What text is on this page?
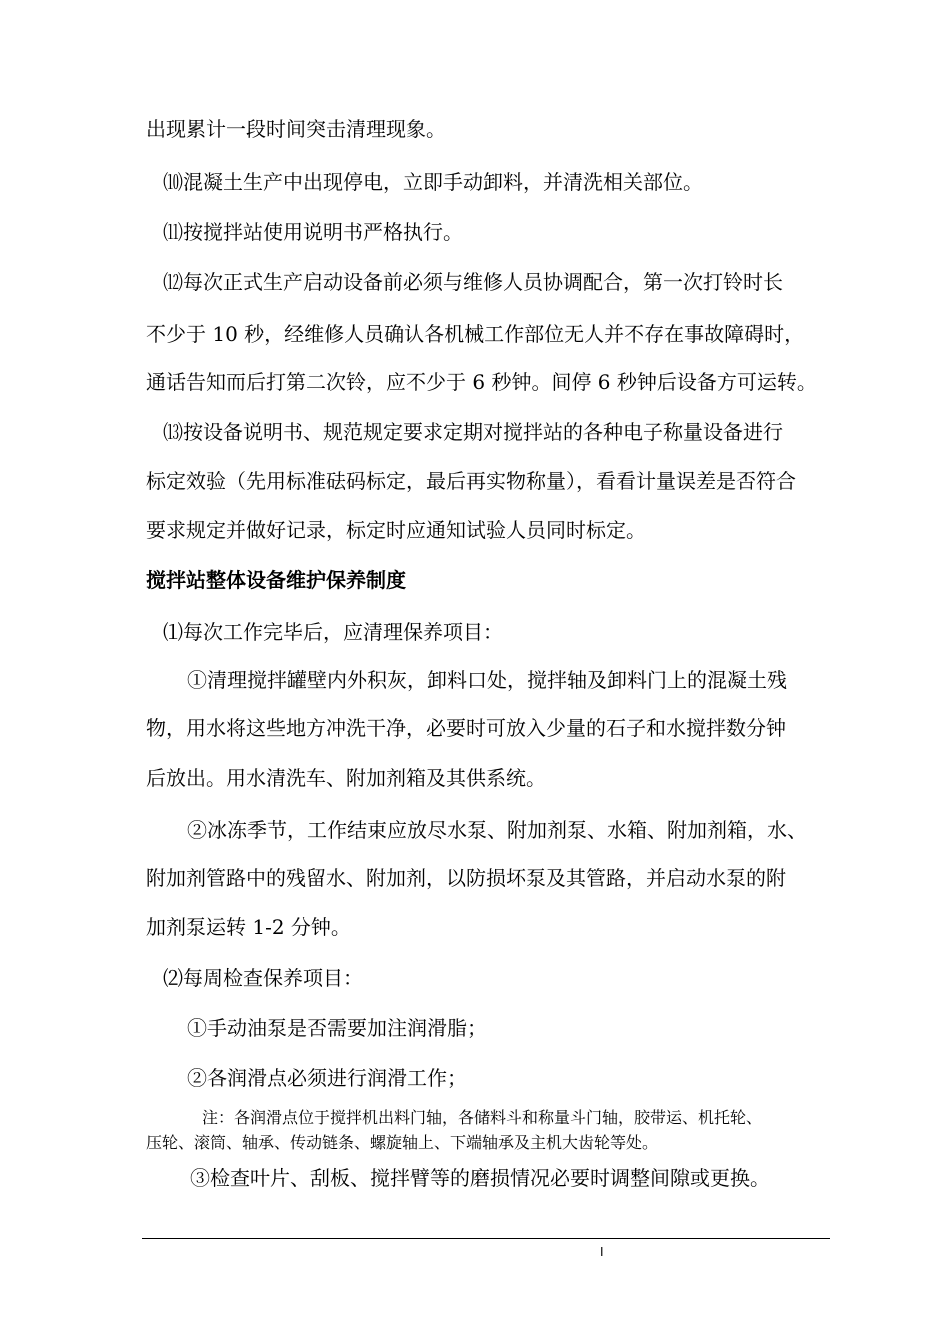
出现累计一段时间突击清理现象。
⑽混凝土生产中出现停电，立即手动卸料，并清洗相关部位。
⑾按搅拌站使用说明书严格执行。
⑿每次正式生产启动设备前必须与维修人员协调配合，第一次打铃时长
不少于 10 秒，经维修人员确认各机械工作部位无人并不存在事故障碍时，
通话告知而后打第二次铃，应不少于 6 秒钟。间停 6 秒钟后设备方可运转。
⒀按设备说明书、规范规定要求定期对搅拌站的各种电子称量设备进行
标定效验（先用标准砝码标定，最后再实物称量），看看计量误差是否符合
要求规定并做好记录，标定时应通知试验人员同时标定。
搅拌站整体设备维护保养制度
⑴每次工作完毕后，应清理保养项目：
①清理搅拌罐壁内外积灰，卸料口处，搅拌轴及卸料门上的混凝土残
物，用水将这些地方冲洗干净，必要时可放入少量的石子和水搅拌数分钟
后放出。用水清洗车、附加剂箱及其供系统。
②冰冻季节，工作结束应放尽水泵、附加剂泵、水箱、附加剂箱，水、
附加剂管路中的残留水、附加剂，以防损坏泵及其管路，并启动水泵的附
加剂泵运转 1-2 分钟。
⑵每周检查保养项目：
①手动油泵是否需要加注润滑脂；
②各润滑点必须进行润滑工作；
注：各润滑点位于搅拌机出料门轴，各储料斗和称量斗门轴，胶带运、机托轮、
压轮、滚筒、轴承、传动链条、螺旋轴上、下端轴承及主机大齿轮等处。
③检查叶片、刮板、搅拌臂等的磨损情况必要时调整间隙或更换。
I
